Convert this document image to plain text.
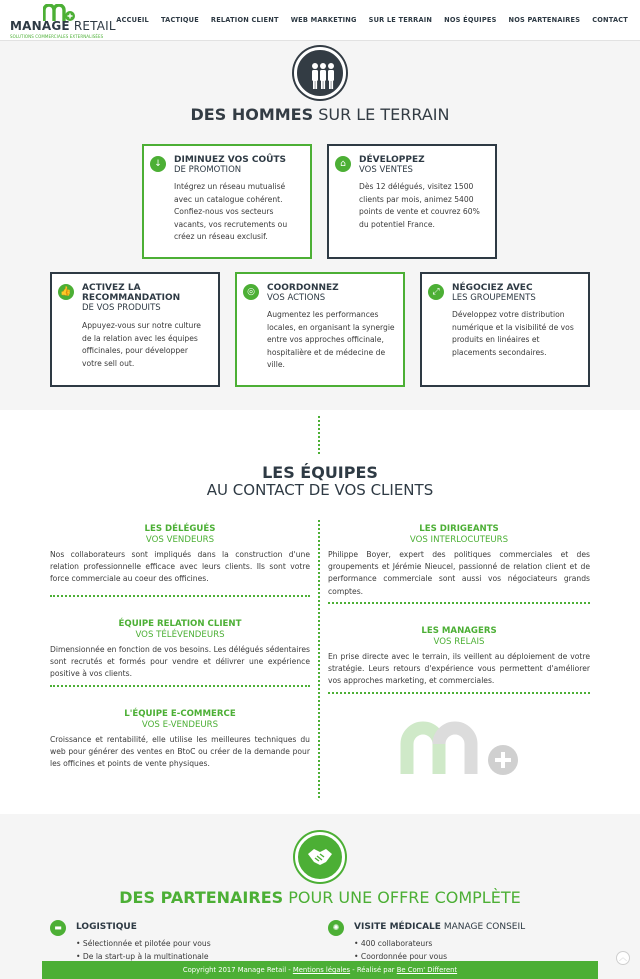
MANAGE RETAIL
SOLUTIONS COMMERCIALES EXTERNALISÉES
ACCUEIL TACTIQUE RELATION CLIENT WEB MARKETING SUR LE TERRAIN NOS ÉQUIPES NOS PARTENAIRES CONTACT
DES HOMMES SUR LE TERRAIN
↓	DIMINUEZ VOS COÛTS
DE PROMOTION
Intégrez un réseau mutualisé avec un catalogue cohérent. Confiez-nous vos secteurs vacants, vos recrutements ou créez un réseau exclusif.
⌂	DÉVELOPPEZ
VOS VENTES
Dès 12 délégués, visitez 1500 clients par mois, animez 5400 points de vente et couvrez 60% du potentiel France.
👍 ACTIVEZ LA RECOMMANDATION
DE VOS PRODUITS
Appuyez-vous sur notre culture de la relation avec les équipes officinales, pour développer votre sell out.
◎	COORDONNEZ
VOS ACTIONS
Augmentez les performances locales, en organisant la synergie entre vos approches officinale, hospitalière et de médecine de ville.
⤢	NÉGOCIEZ AVEC
LES GROUPEMENTS
Développez votre distribution numérique et la visibilité de vos produits en linéaires et placements secondaires.
LES ÉQUIPES
AU CONTACT DE VOS CLIENTS
LES DÉLÉGUÉS
VOS VENDEURS
Nos collaborateurs sont impliqués dans la construction d'une relation professionnelle efficace avec leurs clients. Ils sont votre force commerciale au coeur des officines.
ÉQUIPE RELATION CLIENT
VOS TÉLÉVENDEURS
Dimensionnée en fonction de vos besoins. Les délégués sédentaires sont recrutés et formés pour vendre et délivrer une expérience positive à vos clients.
L'ÉQUIPE E-COMMERCE
VOS E-VENDEURS
Croissance et rentabilité, elle utilise les meilleures techniques du web pour générer des ventes en BtoC ou créer de la demande pour les officines et points de vente physiques.
LES DIRIGEANTS
VOS INTERLOCUTEURS
Philippe Boyer, expert des politiques commerciales et des groupements et Jérémie Nieucel, passionné de relation client et de performance commerciale sont aussi vos négociateurs grands comptes.
LES MANAGERS
VOS RELAIS
En prise directe avec le terrain, ils veillent au déploiement de votre stratégie. Leurs retours d'expérience vous permettent d'améliorer vos approches marketing, et commerciales.
DES PARTENAIRES POUR UNE OFFRE COMPLÈTE
▬	LOGISTIQUE
• Sélectionnée et pilotée pour vous
• De la start-up à la multinationale
✺	VISITE MÉDICALE MANAGE CONSEIL
• 400 collaborateurs
• Coordonnée pour vous
Copyright 2017 Manage Retail - Mentions légales - Réalisé par Be Com' Different
︿
